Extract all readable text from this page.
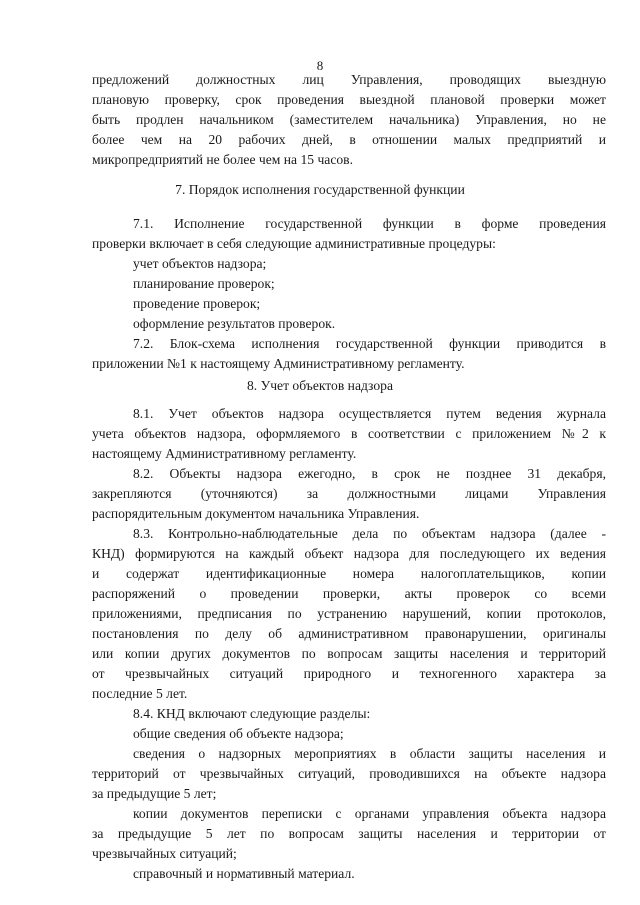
8
предложений должностных лиц Управления, проводящих выездную
плановую проверку, срок проведения выездной плановой проверки может
быть продлен начальником (заместителем начальника) Управления, но не
более чем на 20 рабочих дней, в отношении малых предприятий и
микропредприятий не более чем на 15 часов.
7. Порядок исполнения государственной функции
7.1. Исполнение государственной функции в форме проведения
проверки включает в себя следующие административные процедуры:
учет объектов надзора;
планирование проверок;
проведение проверок;
оформление результатов проверок.
7.2. Блок-схема исполнения государственной функции приводится в
приложении №1 к настоящему Административному регламенту.
8. Учет объектов надзора
8.1. Учет объектов надзора осуществляется путем ведения журнала
учета объектов надзора, оформляемого в соответствии с приложением №2 к
настоящему Административному регламенту.
8.2. Объекты надзора ежегодно, в срок не позднее 31 декабря,
закрепляются (уточняются) за должностными лицами Управления
распорядительным документом начальника Управления.
8.3. Контрольно-наблюдательные дела по объектам надзора (далее -
КНД) формируются на каждый объект надзора для последующего их ведения
и содержат идентификационные номера налогоплательщиков, копии
распоряжений о проведении проверки, акты проверок со всеми
приложениями, предписания по устранению нарушений, копии протоколов,
постановления по делу об административном правонарушении, оригиналы
или копии других документов по вопросам защиты населения и территорий
от чрезвычайных ситуаций природного и техногенного характера за
последние 5 лет.
8.4. КНД включают следующие разделы:
общие сведения об объекте надзора;
сведения о надзорных мероприятиях в области защиты населения и
территорий от чрезвычайных ситуаций, проводившихся на объекте надзора
за предыдущие 5 лет;
копии документов переписки с органами управления объекта надзора
за предыдущие 5 лет по вопросам защиты населения и территории от
чрезвычайных ситуаций;
справочный и нормативный материал.
